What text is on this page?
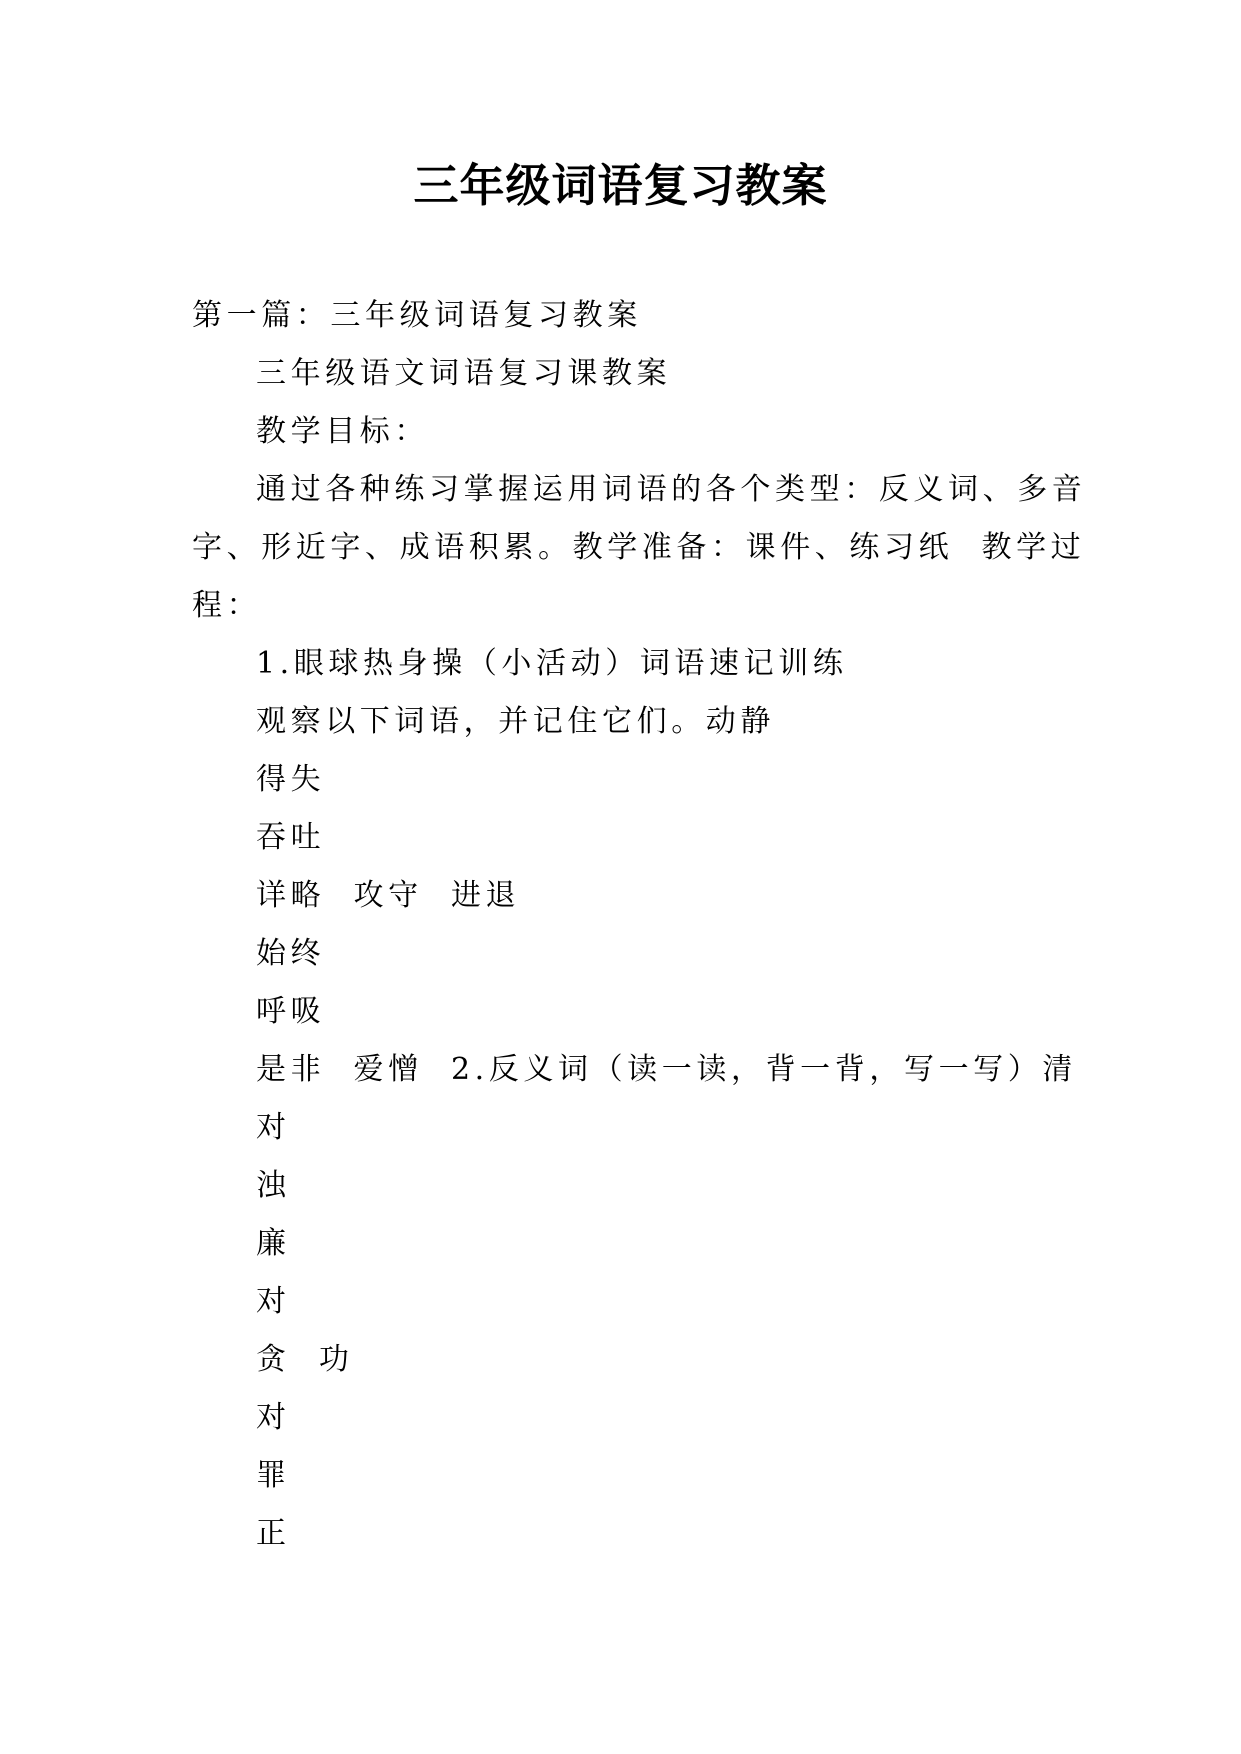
三年级词语复习教案
第一篇：三年级词语复习教案
三年级语文词语复习课教案
教学目标：
通过各种练习掌握运用词语的各个类型：反义词、多音
字、形近字、成语积累。教学准备：课件、练习纸  教学过
程：
1.眼球热身操（小活动）词语速记训练
观察以下词语，并记住它们。动静
得失
吞吐
详略  攻守  进退
始终
呼吸
是非  爱憎  2.反义词（读一读，背一背，写一写）清
对
浊
廉
对
贪  功
对
罪
正
